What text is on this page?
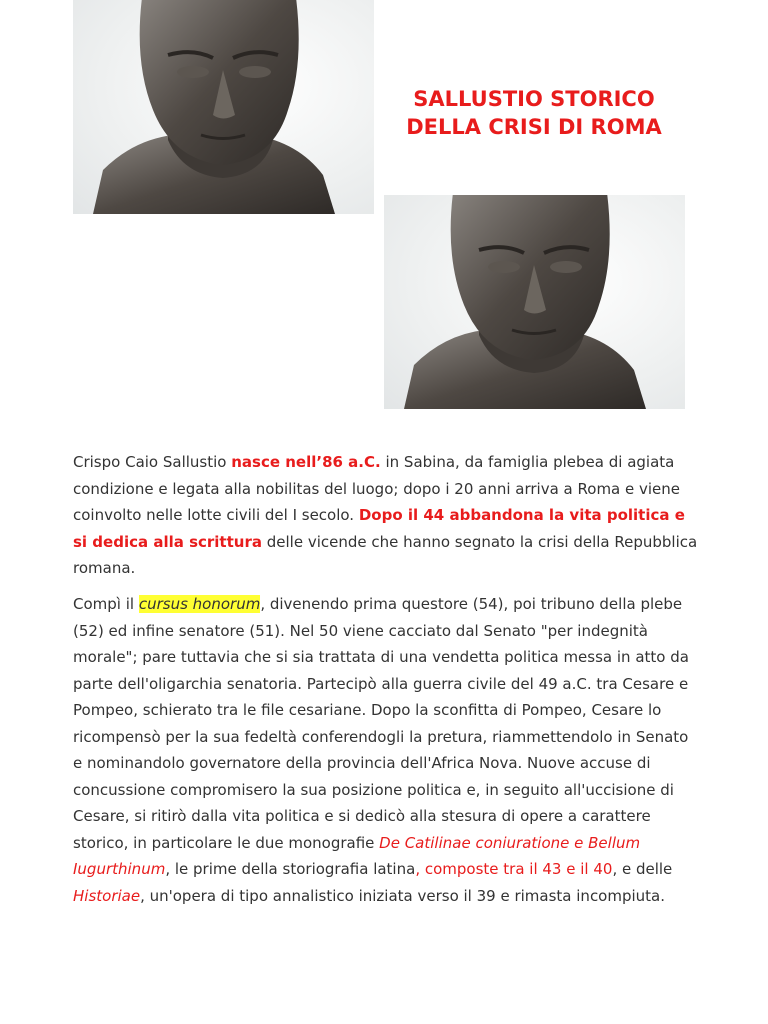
SALLUSTIO STORICO
DELLA CRISI DI ROMA

Crispo Caio Sallustio nasce nell’86 a.C. in Sabina, da famiglia plebea di agiata condizione e legata alla nobilitas del luogo; dopo i 20 anni arriva a Roma e viene coinvolto nelle lotte civili del I secolo. Dopo il 44 abbandona la vita politica e si dedica alla scrittura delle vicende che hanno segnato la crisi della Repubblica romana.

Compì il cursus honorum, divenendo prima questore (54), poi tribuno della plebe (52) ed infine senatore (51). Nel 50 viene cacciato dal Senato "per indegnità morale"; pare tuttavia che si sia trattata di una vendetta politica messa in atto da parte dell'oligarchia senatoria. Partecipò alla guerra civile del 49 a.C. tra Cesare e Pompeo, schierato tra le file cesariane. Dopo la sconfitta di Pompeo, Cesare lo ricompensò per la sua fedeltà conferendogli la pretura, riammettendolo in Senato e nominandolo governatore della provincia dell'Africa Nova. Nuove accuse di concussione compromisero la sua posizione politica e, in seguito all'uccisione di Cesare, si ritirò dalla vita politica e si dedicò alla stesura di opere a carattere storico, in particolare le due monografie De Catilinae coniuratione e Bellum Iugurthinum, le prime della storiografia latina, composte tra il 43 e il 40, e delle Historiae, un'opera di tipo annalistico iniziata verso il 39 e rimasta incompiuta.
